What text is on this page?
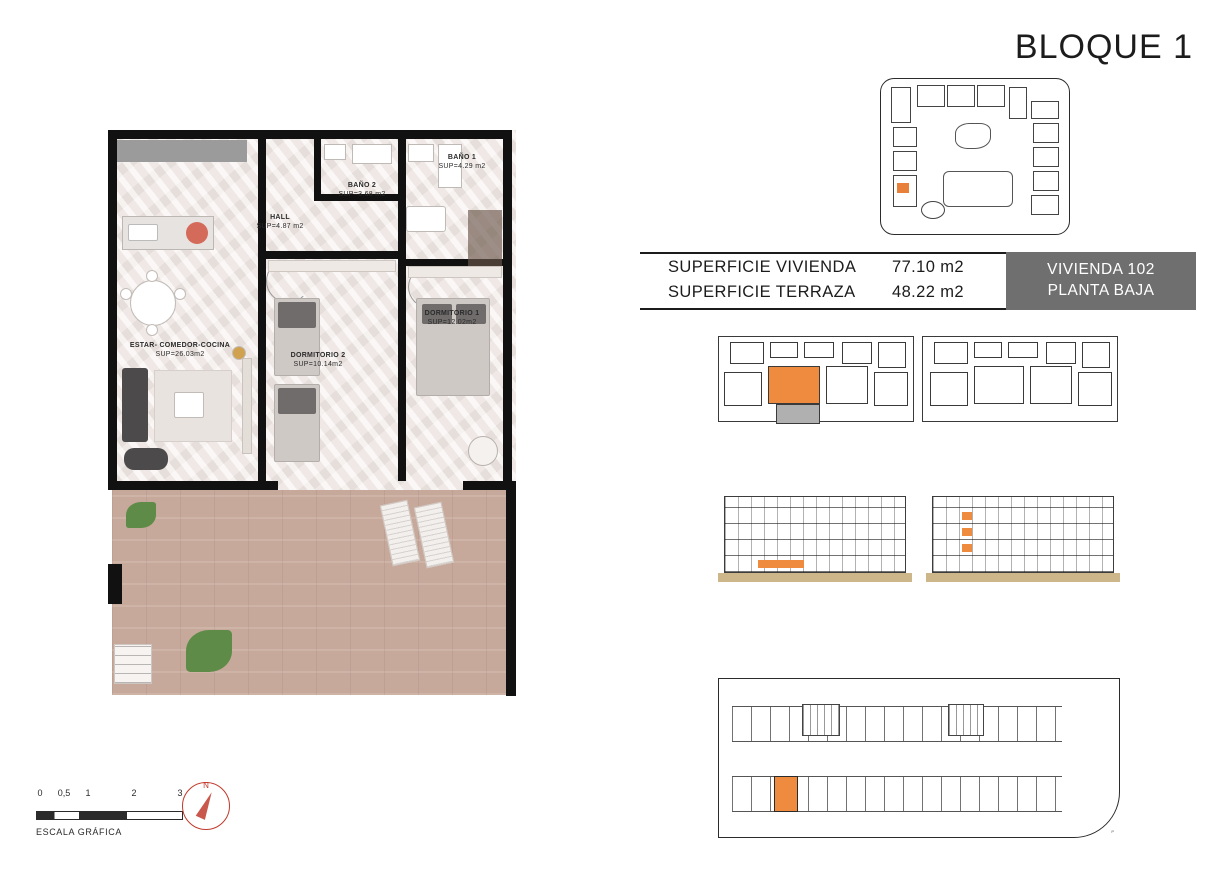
BLOQUE 1
BAÑO 1
SUP=4.29 m2
BAÑO 2
SUP=3.68 m2
HALL
SUP=4.87 m2
DORMITORIO 1
SUP=12.02m2
DORMITORIO 2
SUP=10.14m2
ESTAR- COMEDOR-COCINA
SUP=26.03m2
0 0,5 1	2	3
ESCALA GRÁFICA
N
SUPERFICIE VIVIENDA	77.10 m2
SUPERFICIE TERRAZA	48.22 m2
VIVIENDA 102
PLANTA BAJA
P
